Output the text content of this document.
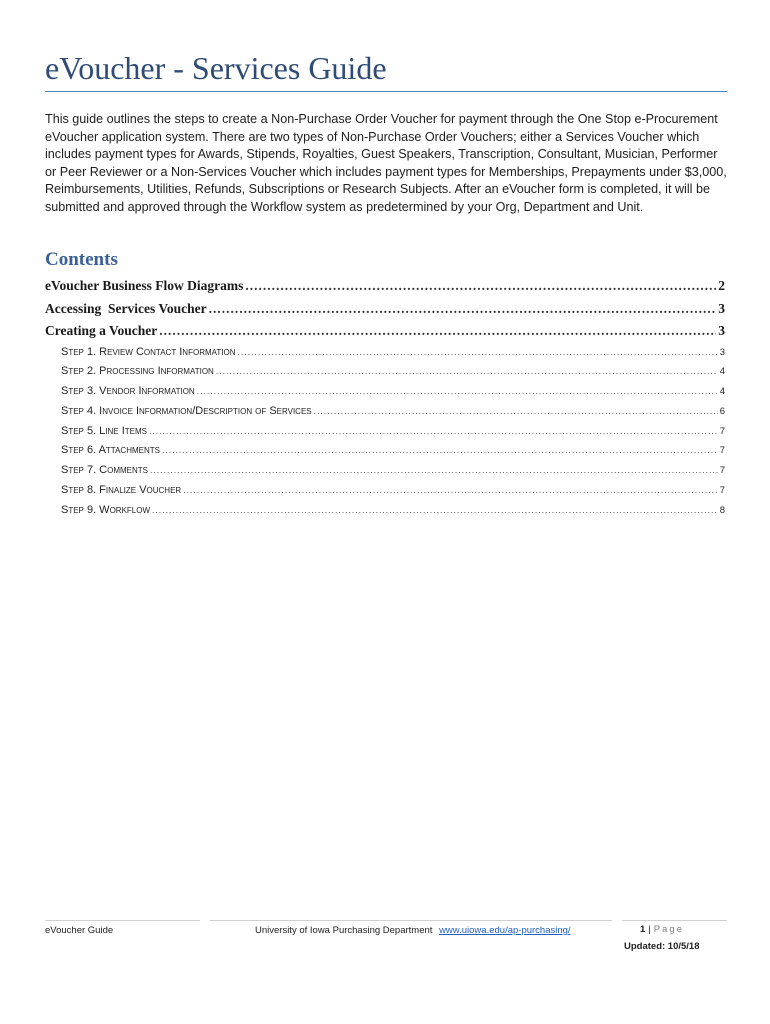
eVoucher - Services Guide

This guide outlines the steps to create a Non-Purchase Order Voucher for payment through the One Stop e-Procurement eVoucher application system. There are two types of Non-Purchase Order Vouchers; either a Services Voucher which includes payment types for Awards, Stipends, Royalties, Guest Speakers, Transcription, Consultant, Musician, Performer or Peer Reviewer or a Non-Services Voucher which includes payment types for Memberships, Prepayments under $3,000, Reimbursements, Utilities, Refunds, Subscriptions or Research Subjects. After an eVoucher form is completed, it will be submitted and approved through the Workflow system as predetermined by your Org, Department and Unit.

Contents
eVoucher Business Flow Diagrams .....	2
Accessing  Services Voucher .....	3
Creating a Voucher .....	3
Step 1. Review Contact Information .....	3
Step 2. Processing Information .....	4
Step 3. Vendor Information .....	4
Step 4. Invoice Information/Description of Services .....	6
Step 5. Line Items .....	7
Step 6. Attachments .....	7
Step 7. Comments .....	7
Step 8. Finalize Voucher .....	7
Step 9. Workflow .....	8
eVoucher Guide	University of Iowa Purchasing Department www.uiowa.edu/ap-purchasing/	1 | Page
Updated: 10/5/18
